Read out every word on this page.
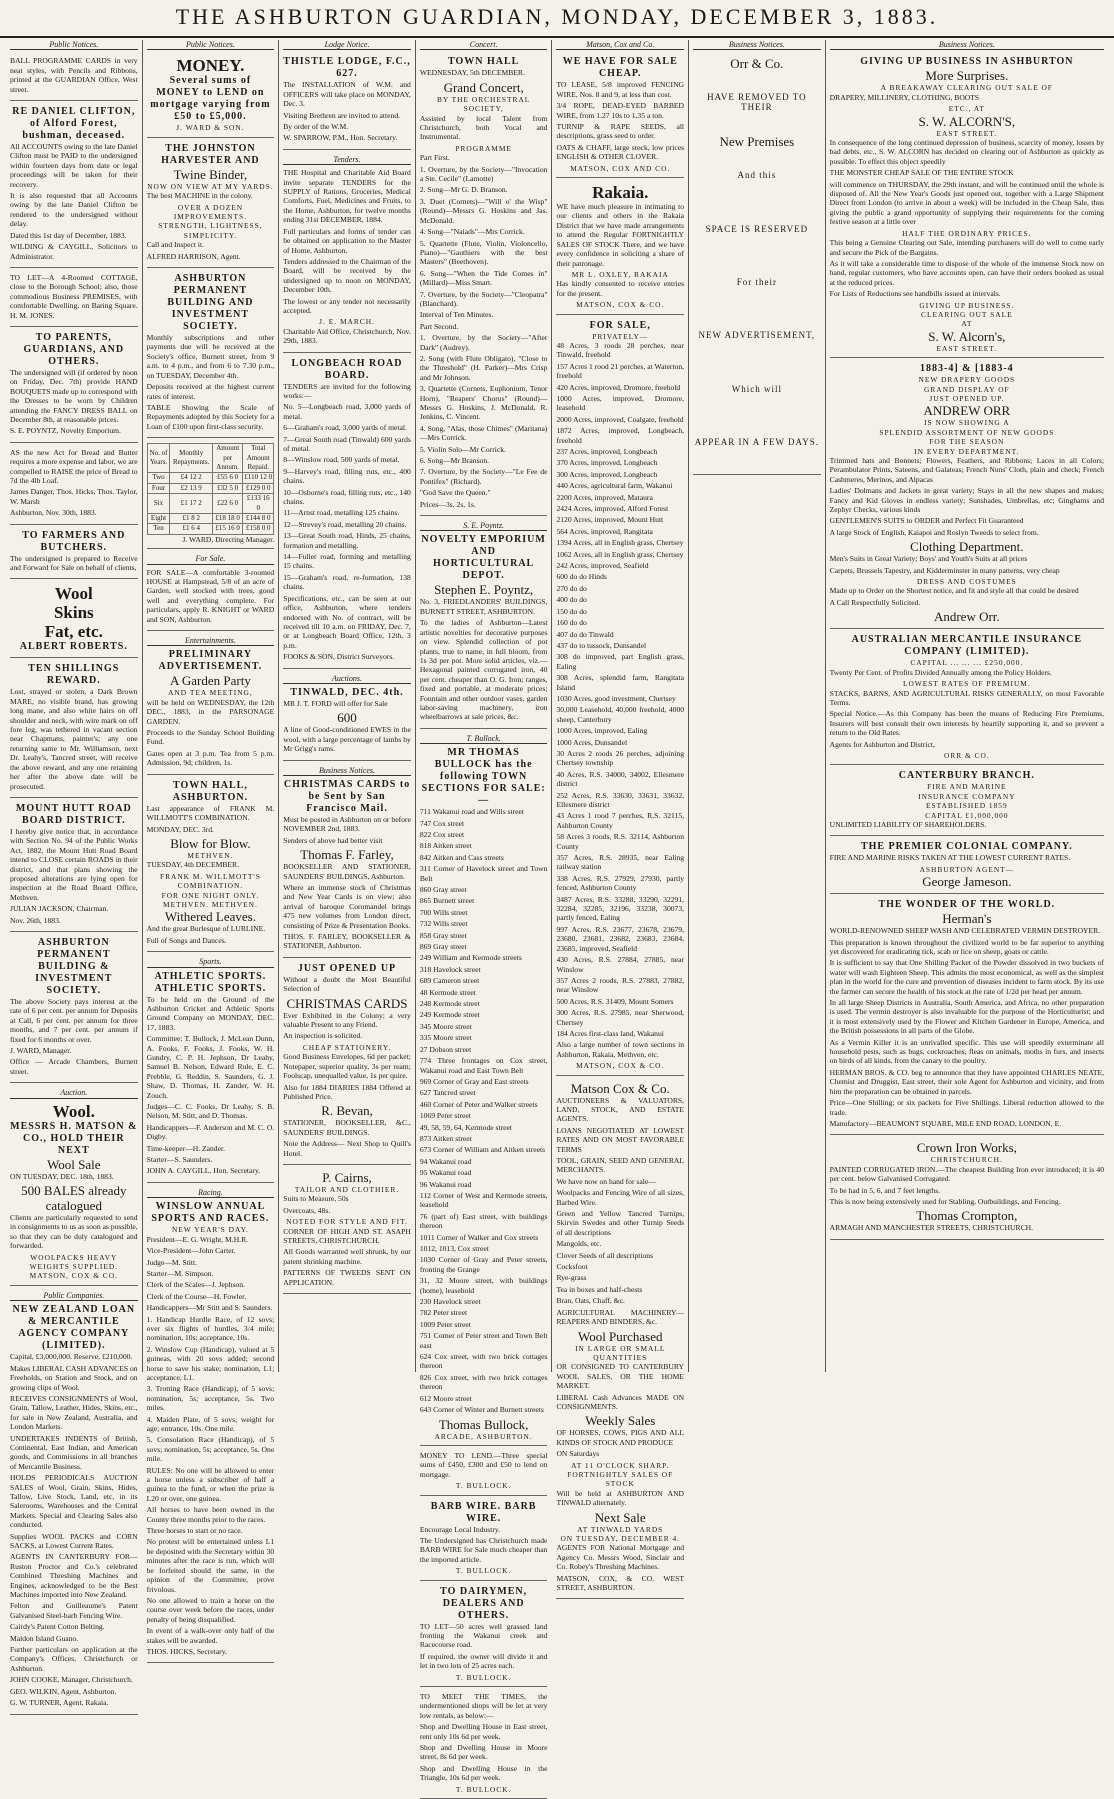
THE ASHBURTON GUARDIAN, MONDAY, DECEMBER 3, 1883.
Public Notices.

BALL PROGRAMME CARDS in very neat styles, with Pencils and Ribbons, printed at the GUARDIAN Office, West street.

RE DANIEL CLIFTON, of Alford Forest, bushman, deceased.

All ACCOUNTS owing to the late Daniel Clifton must be PAID to the undersigned within fourteen days from date or legal proceedings will be taken for their recovery.

It is also requested that all Accounts owing by the late Daniel Clifton be rendered to the undersigned without delay.

Dated this 1st day of December, 1883.

WILDING & CAYGILL, Solicitors to Administrator.

TO LET—A 4-Roomed COTTAGE, close to the Borough School; also, those commodious Business PREMISES, with comfortable Dwelling, on Baring Square. H. M. JONES.

TO PARENTS, GUARDIANS, AND OTHERS.

The undersigned will (if ordered by noon on Friday, Dec. 7th) provide HAND BOUQUETS made up to correspond with the Dresses to be worn by Children attending the FANCY DRESS BALL on December 8th, at reasonable prices.

S. E. POYNTZ, Novelty Emporium.

AS the new Act for Bread and Butter requires a more expense and labor, we are compelled to RAISE the price of Bread to 7d the 4lb Loaf.

James Danger, Thos. Hicks, Thos. Taylor, W. Marsh

Ashburton, Nov. 30th, 1883.

TO FARMERS AND BUTCHERS.

The undersigned is prepared to Receive and Forward for Sale on behalf of clients,

Wool
Skins
Fat, etc.
ALBERT ROBERTS.
TEN SHILLINGS REWARD.

Lost, strayed or stolen, a Dark Brown MARE, no visible brand, has growing long mane, and also white hairs on off shoulder and neck, with wire mark on off fore leg, was tethered in vacant section near Chapmans, painter's; any one returning same to Mr. Williamson, next Dr. Leahy's, Tancred street, will receive the above reward, and any one retaining her after the above date will be prosecuted.

MOUNT HUTT ROAD BOARD DISTRICT.

I hereby give notice that, in accordance with Section No. 94 of the Public Works Act, 1882, the Mount Hutt Road Board intend to CLOSE certain ROADS in their district, and that plans showing the proposed alterations are lying open for inspection at the Road Board Office, Methven.

JULIAN JACKSON, Chairman.

Nov. 26th, 1883.

ASHBURTON PERMANENT BUILDING & INVESTMENT SOCIETY.

The above Society pays interest at the rate of 6 per cent. per annum for Deposits at Call, 6 per cent. per annum for three months, and 7 per cent. per annum if fixed for 6 months or over.

J. WARD, Manager.

Office — Arcade Chambers, Burnett street.

Auction.
Wool.
MESSRS H. MATSON & CO., HOLD THEIR NEXT
Wool Sale

ON TUESDAY, DEC. 18th, 1883.

500 BALES already catalogued

Clients are particularly requested to send in consignments to us as soon as possible, so that they can be duly catalogued and forwarded.

WOOLPACKS HEAVY WEIGHTS SUPPLIED.
MATSON, COX & CO.
Public Companies.
NEW ZEALAND LOAN & MERCANTILE AGENCY COMPANY (LIMITED).

Capital, £3,000,000. Reserve, £210,000.

Makes LIBERAL CASH ADVANCES on Freeholds, on Station and Stock, and on growing clips of Wool.

RECEIVES CONSIGNMENTS of Wool, Grain, Tallow, Leather, Hides, Skins, etc., for sale in New Zealand, Australia, and London Markets.

UNDERTAKES INDENTS of British, Continental, East Indian, and American goods, and Commissions in all branches of Mercantile Business.

HOLDS PERIODICALS AUCTION SALES of Wool, Grain, Skins, Hides, Tallow, Live Stock, Land, etc, in its Salerooms, Warehouses and the Central Markets. Special and Clearing Sales also conducted.

Supplies WOOL PACKS and CORN SACKS, at Lowest Current Rates.

AGENTS IN CANTERBURY FOR— Ruston Proctor and Co.'s celebrated Combined Threshing Machines and Engines, acknowledged to be the Best Machines imported into New Zealand.

Felton and Guilleaume's Patent Galvanised Steel-barb Fencing Wire.

Cairdy's Patent Cotton Belting.

Maldon Island Guano.

Further particulars on application at the Company's Offices, Christchurch or Ashburton.

JOHN COOKE, Manager, Christchurch.

GEO. WILKIN, Agent, Ashburton.

G. W. TURNER, Agent, Rakaia.

Public Notices.
MONEY.
Several sums of MONEY to LEND on mortgage varying from £50 to £5,000.
J. WARD & SON.
THE JOHNSTON HARVESTER AND
Twine Binder,
NOW ON VIEW AT MY YARDS.

The best MACHINE in the colony.

OVER A DOZEN IMPROVEMENTS.
STRENGTH, LIGHTNESS, SIMPLICITY.

Call and Inspect it.

ALFRED HARRISON, Agent.

ASHBURTON PERMANENT BUILDING AND INVESTMENT SOCIETY.

Monthly subscriptions and other payments due will be received at the Society's office, Burnett street, from 9 a.m. to 4 p.m., and from 6 to 7.30 p.m., on TUESDAY, December 4th.

Deposits received at the highest current rates of interest.

TABLE Showing the Scale of Repayments adopted by this Society for a Loan of £100 upon first-class security.

No. of Years.	Monthly Repayments.	Amount per Annum.	Total Amount Repaid.
Two	£4 12 2	£55 6 0	£110 12 0
Four	£2 13 9	£32 5 0	£129 0 0
Six	£1 17 2	£22 6 0	£133 16 0
Eight	£1 8 2	£18 18 0	£144 8 0
Ten	£1 6 4	£15 16 0	£158 0 0
J. WARD, Directing Manager.
For Sale.

FOR SALE—A comfortable 3-roomed HOUSE at Hampstead, 5/8 of an acre of Garden, well stocked with trees, good well and everything complete. For particulars, apply R. KNIGHT or WARD and SON, Ashburton.

Entertainments.
PRELIMINARY ADVERTISEMENT.
A Garden Party
AND TEA MEETING,

will be held on WEDNESDAY, the 12th DEC., 1883, in the PARSONAGE GARDEN.

Proceeds to the Sunday School Building Fund.

Gates open at 3 p.m. Tea from 5 p.m. Admission, 9d; children, 1s.

TOWN HALL, ASHBURTON.

Last appearance of FRANK M. WILLMOTT'S COMBINATION.

MONDAY, DEC. 3rd.

Blow for Blow.
METHVEN.

TUESDAY, 4th DECEMBER.

FRANK M. WILLMOTT'S COMBINATION.
FOR ONE NIGHT ONLY.
METHVEN. METHVEN.
Withered Leaves.

And the great Burlesque of LURLINE.

Full of Songs and Dances.

Sports.
ATHLETIC SPORTS. ATHLETIC SPORTS.

To be held on the Ground of the Ashburton Cricket and Athletic Sports Ground Company on MONDAY, DEC. 17, 1883.

Committee: T. Bullock, J. McLean Dunn, A. Fooks, F. Fooks, J. Fooks, W. H. Gundry, C. P. H. Jephson, Dr Leahy, Samuel B. Nelson, Edward Rule, E. C. Prebble, G. Reddin, S. Saunders, G. J. Shaw, D. Thomas, H. Zander, W. H. Zouch.

Judges—C. C. Fooks, Dr Leahy, S. B. Nelson, M. Stitt, and D. Thomas.

Handicappers—F. Anderson and M. C. O. Digby.

Time-keeper—H. Zander.

Starter—S. Saunders.

JOHN A. CAYGILL, Hon. Secretary.

Racing.
WINSLOW ANNUAL SPORTS AND RACES.
NEW YEAR'S DAY.

President—E. G. Wright, M.H.R.

Vice-President—John Carter.

Judge—M. Stitt.

Starter—M. Simpson.

Clerk of the Scales—J. Jephson.

Clerk of the Course—H. Fowler.

Handicappers—Mr Stitt and S. Saunders.

1. Handicap Hurdle Race, of 12 sovs; over six flights of hurdles, 3/4 mile; nomination, 10s; acceptance, 10s.

2. Winslow Cup (Handicap), valued at 5 guineas, with 20 sovs added; second horse to save his stake; nomination, L1; acceptance, L1.

3. Trotting Race (Handicap), of 5 sovs; nomination, 5s; acceptance, 5s. Two miles.

4. Maiden Plate, of 5 sovs; weight for age; entrance, 10s. One mile.

5. Consolation Race (Handicap), of 5 sovs; nomination, 5s; acceptance, 5s. One mile.

RULES: No one will be allowed to enter a horse unless a subscriber of half a guinea to the fund, or when the prize is L20 or over, one guinea.

All horses to have been owned in the County three months prior to the races.

Three horses to start or no race.

No protest will be entertained unless L1 be deposited with the Secretary within 30 minutes after the race is run, which will be forfeited should the same, in the opinion of the Committee, prove frivolous.

No one allowed to train a horse on the course over week before the races, under penalty of being disqualified.

In event of a walk-over only half of the stakes will be awarded.

THOS. HICKS, Secretary.

Lodge Notice.
THISTLE LODGE, F.C., 627.

The INSTALLATION of W.M. and OFFICERS will take place on MONDAY, Dec. 3.

Visiting Brethren are invited to attend.

By order of the W.M.

W. SPARROW, P.M., Hon. Secretary.

Tenders.

THE Hospital and Charitable Aid Board invite separate TENDERS for the SUPPLY of Rations, Groceries, Medical Comforts, Fuel, Medicines and Fruits, to the Home, Ashburton, for twelve months ending 31st DECEMBER, 1884.

Full particulars and forms of tender can be obtained on application to the Master of Home, Ashburton.

Tenders addressed to the Chairman of the Board, will be received by the undersigned up to noon on MONDAY, December 10th.

The lowest or any tender not necessarily accepted.

J. E. MARCH.

Charitable Aid Office, Christchurch, Nov. 29th, 1883.

LONGBEACH ROAD BOARD.

TENDERS are invited for the following works:—

No. 5—Longbeach road, 3,000 yards of metal.

6—Graham's road, 3,000 yards of metal.

7—Great South road (Tinwald) 600 yards of metal.

8—Winslow road, 500 yards of metal.

9—Harvey's road, filling ruts, etc., 400 chains.

10—Osborne's road, filling ruts, etc., 140 chains.

11—Arnst road, metalling 125 chains.

12—Strevey's road, metalling 20 chains.

13—Great South road, Hinds, 25 chains, formation and metalling.

14—Fuller road, forming and metalling 15 chains.

15—Graham's road, re-formation, 138 chains.

Specifications, etc., can be seen at our office, Ashburton, where tenders endorsed with No. of contract, will be received till 10 a.m. on FRIDAY, Dec. 7, or at Longbeach Board Office, 12th, 3 p.m.

FOOKS & SON, District Surveyors.

Auctions.
TINWALD, DEC. 4th.

MR J. T. FORD will offer for Sale

600

A line of Good-conditioned EWES in the wool, with a large percentage of lambs by Mr Grigg's rams.

Business Notices.
CHRISTMAS CARDS to be Sent by San Francisco Mail.

Must be posted in Ashburton on or before NOVEMBER 2nd, 1883.

Senders of above had better visit

Thomas F. Farley,

BOOKSELLER AND STATIONER, SAUNDERS' BUILDINGS, Ashburton.

Where an immense stock of Christmas and New Year Cards is on view; also arrival of baroque Coromandel brings 475 new volumes from London direct, consisting of Prize & Presentation Books.

THOS. F. FARLEY, BOOKSELLER & STATIONER, Ashburton.

JUST OPENED UP

Without a doubt the Most Beautiful Selection of

CHRISTMAS CARDS

Ever Exhibited in the Colony; a very valuable Present to any Friend.

An inspection is solicited.

CHEAP STATIONERY.

Good Business Envelopes, 6d per packet; Notepaper, superior quality, 3s per ream; Foolscap, unequalled value, 1s per quire.

Also for 1884 DIARIES 1884 Offered at Published Price.

R. Bevan,

STATIONER, BOOKSELLER, &C., SAUNDERS' BUILDINGS.

Note the Address— Next Shop to Quill's Hotel.

P. Cairns,
TAILOR AND CLOTHIER.

Suits to Measure, 50s

Overcoats, 48s.

NOTED FOR STYLE AND FIT.

CORNER OF HIGH AND ST. ASAPH STREETS, CHRISTCHURCH.

All Goods warranted well shrunk, by our patent shrinking machine.

PATTERNS OF TWEEDS SENT ON APPLICATION.

Concert.
TOWN HALL

WEDNESDAY, 5th DECEMBER.

Grand Concert,
BY THE ORCHESTRAL SOCIETY,

Assisted by local Talent from Christchurch, both Vocal and Instrumental.

PROGRAMME

Part First.

1. Overture, by the Society—"Invocation a Ste. Cecile" (Lamotte)

2. Song—Mr G. D. Branson.

3. Duet (Cornets)—"Will o' the Wisp" (Round)—Messrs G. Hoskins and Jas. McDonald.

4. Song—"Naiads"—Mrs Corrick.

5. Quartette (Flute, Violin, Violoncello, Piano)—"Gauthiers with the best Masters" (Beethoven).

6. Song—"When the Tide Comes in" (Millard)—Miss Smart.

7. Overture, by the Society—"Cleopatra" (Blanchard).

Interval of Ten Minutes.

Part Second.

1. Overture, by the Society—"After Dark" (Audrey).

2. Song (with Flute Obligato), "Close to the Threshold" (H. Parker)—Mrs Crisp and Mr Johnson.

3. Quartette (Cornets, Euphonium, Tenor Horn), "Reapers' Chorus" (Round)—Messrs G. Hoskins, J. McDonald, R. Jenkins, C. Vincent.

4. Song, "Alas, those Chimes" (Maritana)—Mrs Corrick.

5. Violin Solo—Mr Corrick.

6. Song—Mr Branson.

7. Overture, by the Society—"Le Fee de Pontifex" (Richard).

"God Save the Queen."

Prices—3s, 2s, 1s.

S. E. Poyntz.
NOVELTY EMPORIUM AND HORTICULTURAL DEPOT.
Stephen E. Poyntz,

No. 3, FRIEDLANDERS' BUILDINGS, BURNETT STREET, ASHBURTON.

To the ladies of Ashburton—Latest artistic novelties for decorative purposes on view. Splendid collection of pot plants, true to name, in full bloom, from 1s 3d per pot. More solid articles, viz.—Hexagonal painted corrugated iron, 40 per cent. cheaper than O. G. Iron; ranges, fixed and portable, at moderate prices; Fountain and other outdoor vases, garden labor-saving machinery, iron wheelbarrows at sale prices, &c.

T. Bullock.
MR THOMAS BULLOCK has the following TOWN SECTIONS FOR SALE:—

711 Wakanui road and Wills street

747 Cox street

822 Cox street

818 Aitken street

842 Aitken and Cass streets

311 Corner of Havelock street and Town Belt

860 Gray street

865 Burnett street

700 Wills street

732 Wills street

858 Gray street

869 Gray street

249 William and Kermode streets

318 Havelock street

689 Cameron street

48 Kermode street

248 Kermode street

249 Kermode street

345 Moore street

335 Moore street

27 Dobson street

774 Three frontages on Cox street, Wakanui road and East Town Belt

969 Corner of Gray and East streets

627 Tancred street

460 Corner of Peter and Walker streets

1069 Peter street

49, 58, 59, 64, Kermode street

873 Aitken street

673 Corner of William and Aitken streets

94 Wakanui road

95 Wakanui road

96 Wakanui road

112 Corner of West and Kermode streets, leasehold

76 (part of) East street, with buildings thereon

1011 Corner of Walker and Cox streets

1012, 1013, Cox street

1030 Corner of Gray and Peter streets, fronting the Grange

31, 32 Moore street, with buildings (home), leasehold

230 Havelock street

782 Peter street

1009 Peter street

751 Corner of Peter street and Town Belt east

624 Cox street, with two brick cottages thereon

826 Cox street, with two brick cottages thereon

612 Moore street

643 Corner of Winter and Burnett streets

Thomas Bullock,
ARCADE, ASHBURTON.

MONEY TO LEND.—Three special sums of £450, £300 and £50 to lend on mortgage.

T. BULLOCK.
BARB WIRE. BARB WIRE.

Encourage Local Industry.

The Undersigned has Christchurch made BARB WIRE for Sale much cheaper than the imported article.

T. BULLOCK.
TO DAIRYMEN, DEALERS AND OTHERS.

TO LET—50 acres well grassed land fronting the Wakanui creek and Racecourse road.

If required, the owner will divide it and let in two lots of 25 acres each.

T. BULLOCK.

TO MEET THE TIMES, the undermentioned shops will be let at very low rentals, as below:—

Shop and Dwelling House in East street, rent only 10s 6d per week.

Shop and Dwelling House in Moore street, 8s 6d per week.

Shop and Dwelling House in the Triangle, 10s 6d per week.

T. BULLOCK.
Matson, Cox and Co.
WE HAVE FOR SALE CHEAP.

TO LEASE, 5/8 improved FENCING WIRE, Nos. 8 and 9, at less than cost.

3/4 ROPE, DEAD-EYED BARBED WIRE, from 1.27 10s to 1.35 a ton.

TURNIP & RAPE SEEDS, all descriptions, grass seed to order.

OATS & CHAFF, large stock, low prices ENGLISH & OTHER CLOVER.

MATSON, COX AND CO.
Rakaia.

WE have much pleasure in intimating to our clients and others in the Rakaia District that we have made arrangements to attend the Regular FORTNIGHTLY SALES OF STOCK There, and we have every confidence in soliciting a share of their patronage.

MR L. OXLEY, RAKAIA

Has kindly consented to receive entries for the present.

MATSON, COX & CO.
FOR SALE,
PRIVATELY—

48 Acres, 3 roods 28 perches, near Tinwald, freehold

157 Acres 1 rood 21 perches, at Waterton, freehold

420 Acres, improved, Dromore, freehold

1000 Acres, improved, Dromore, leasehold

2000 Acres, improved, Coalgate, freehold

1872 Acres, improved, Longbeach, freehold

237 Acres, improved, Longbeach

370 Acres, improved, Longbeach

300 Acres, improved, Longbeach

440 Acres, agricultural farm, Wakanui

2200 Acres, improved, Mataura

2424 Acres, improved, Alford Forest

2120 Acres, improved, Mount Hutt

564 Acres, improved, Rangitata

1394 Acres, all in English grass, Chertsey

1062 Acres, all in English grass, Chertsey

242 Acres, improved, Seafield

600 do do Hinds

270 do do

400 do do

150 do do

160 do do

407 do do Tinwald

437 do to tussock, Dunsandel

308 do improved, part English grass, Ealing

308 Acres, splendid farm, Rangitata Island

1030 Acres, good investment, Chertsey

30,000 Leasehold, 40,000 freehold, 4000 sheep, Canterbury

1000 Acres, improved, Ealing

1000 Acres, Dunsandel

30 Acres 2 roods 26 perches, adjoining Chertsey township

40 Acres, R.S. 34000, 34002, Ellesmere district

252 Acres, R.S. 33630, 33631, 33632, Ellesmere district

43 Acres 1 rood 7 perches, R.S. 32115, Ashburton County

58 Acres 3 roods, R.S. 32114, Ashburton County

357 Acres, R.S. 28935, near Ealing railway station

338 Acres, R.S. 27929, 27930, partly fenced, Ashburton County

3487 Acres, R.S. 33288, 33290, 32291, 32284, 32285, 32196, 33238, 30073, partly fenced, Ealing

997 Acres, R.S. 23677, 23678, 23679, 23680, 23681, 23682, 23683, 23684, 23685, improved, Seafield

430 Acres, R.S. 27884, 27885, near Winslow

357 Acres 2 roods, R.S. 27883, 27882, near Winslow

500 Acres, R.S. 31409, Mount Somers

300 Acres, R.S. 27985, near Sherwood, Chertsey

184 Acres first-class land, Wakanui

Also a large number of town sections in Ashburton, Rakaia, Methven, etc.

MATSON, COX & CO.
Matson Cox & Co.

AUCTIONEERS & VALUATORS, LAND, STOCK, AND ESTATE AGENTS.

LOANS NEGOTIATED AT LOWEST RATES AND ON MOST FAVORABLE TERMS

TOOL, GRAIN, SEED AND GENERAL MERCHANTS.

We have now on hand for sale—

Woolpacks and Fencing Wire of all sizes, Barbed Wire.

Green and Yellow Tancred Turnips, Skirvin Swedes and other Turnip Seeds of all descriptions

Mangolds, etc.

Clover Seeds of all descriptions

Cocksfoot

Rye-grass

Tea in boxes and half-chests

Bran, Oats, Chaff, &c.

AGRICULTURAL MACHINERY— REAPERS AND BINDERS, &c.

Wool Purchased
IN LARGE OR SMALL QUANTITIES

OR CONSIGNED TO CANTERBURY WOOL SALES, OR THE HOME MARKET.

LIBERAL Cash Advances MADE ON CONSIGNMENTS.

Weekly Sales

OF HORSES, COWS, PIGS AND ALL KINDS OF STOCK AND PRODUCE

ON Saturdays

AT 11 O'CLOCK SHARP.
FORTNIGHTLY SALES OF STOCK

Will be held at ASHBURTON AND TINWALD alternately.

Next Sale
AT TINWALD YARDS
ON TUESDAY, DECEMBER 4.

AGENTS FOR National Mortgage and Agency Co. Messrs Wood, Sinclair and Co. Robey's Threshing Machines.

MATSON, COX, & CO. WEST STREET, ASHBURTON.

Business Notices.
Orr & Co.
HAVE REMOVED TO THEIR
New Premises
And this
SPACE IS RESERVED
For their
NEW ADVERTISEMENT,
Which will
APPEAR IN A FEW DAYS.
Business Notices.
GIVING UP BUSINESS IN ASHBURTON
More Surprises.
A BREAKAWAY CLEARING OUT SALE OF

DRAPERY, MILLINERY, CLOTHING, BOOTS

ETC., AT
S. W. ALCORN'S,
EAST STREET.

In consequence of the long continued depression of business, scarcity of money, losses by bad debts, etc., S. W. ALCORN has decided on clearing out of Ashburton as quickly as possible. To effect this object speedily

THE MONSTER CHEAP SALE OF THE ENTIRE STOCK

will commence on THURSDAY, the 29th instant, and will be continued until the whole is disposed of. All the New Year's Goods just opened out, together with a Large Shipment Direct from London (to arrive in about a week) will be included in the Cheap Sale, thus giving the public a grand opportunity of supplying their requirements for the coming festive season at a little over

HALF THE ORDINARY PRICES.

This being a Genuine Clearing out Sale, intending purchasers will do well to come early and secure the Pick of the Bargains.

As it will take a considerable time to dispose of the whole of the immense Stock now on hand, regular customers, who have accounts open, can have their orders booked as usual at the reduced prices.

For Lists of Reductions see handbills issued at intervals.

GIVING UP BUSINESS.
CLEARING OUT SALE
AT
S. W. Alcorn's,
EAST STREET.
1883-4] & [1883-4
NEW DRAPERY GOODS
GRAND DISPLAY OF
JUST OPENED UP.
ANDREW ORR
IS NOW SHOWING A
SPLENDID ASSORTMENT OF NEW GOODS
FOR THE SEASON
IN EVERY DEPARTMENT.

Trimmed hats and Bonnets; Flowers, Feathers, and Ribbons; Laces in all Colors; Perambulator Prints, Sateens, and Galateas; French Nuns' Cloth, plain and check; French Cashmeres, Merinos, and Alpacas

Ladies' Dolmans and Jackets in great variety; Stays in all the new shapes and makes; Fancy and Kid Gloves in endless variety; Sunshades, Umbrellas, etc; Ginghams and Zephyr Checks, various kinds

GENTLEMEN'S SUITS to ORDER and Perfect Fit Guaranteed

A large Stock of English, Kaiapoi and Roslyn Tweeds to select from.

Clothing Department.

Men's Suits in Great Variety; Boys' and Youth's Suits at all prices

Carpets, Brussels Tapestry, and Kidderminster in many patterns, very cheap

DRESS AND COSTUMES

Made up to Order on the Shortest notice, and fit and style all that could be desired

A Call Respectfully Solicited.

Andrew Orr.
AUSTRALIAN MERCANTILE INSURANCE COMPANY (LIMITED).
CAPITAL ... ... ... £250,000.

Twenty Per Cent. of Profits Divided Annually among the Policy Holders.

LOWEST RATES OF PREMIUM.

STACKS, BARNS, AND AGRICULTURAL RISKS GENERALLY, on most Favorable Terms.

Special Notice.—As this Company has been the means of Reducing Fire Premiums, Insurers will best consult their own interests by heartily supporting it, and so prevent a return to the Old Rates.

Agents for Ashburton and District,

ORR & CO.
CANTERBURY BRANCH.
FIRE AND MARINE
INSURANCE COMPANY
ESTABLISHED 1859
CAPITAL £1,000,000

UNLIMITED LIABILITY OF SHAREHOLDERS.

THE PREMIER COLONIAL COMPANY.

FIRE AND MARINE RISKS TAKEN AT THE LOWEST CURRENT RATES.

ASHBURTON AGENT—
George Jameson.
THE WONDER OF THE WORLD.
Herman's

WORLD-RENOWNED SHEEP WASH AND CELEBRATED VERMIN DESTROYER.

This preparation is known throughout the civilized world to be far superior to anything yet discovered for eradicating tick, scab or lice on sheep, goats or cattle.

It is sufficient to say that One Shilling Packet of the Powder dissolved in two buckets of water will wash Eighteen Sheep. This admits the most economical, as well as the simplest plan in the world for the cure and prevention of diseases incident to farm stock. By its use the farmer can secure the health of his stock at the rate of 1/2d per head per annum.

In all large Sheep Districts in Australia, South America, and Africa, no other preparation is used. The vermin destroyer is also invaluable for the purpose of the Horticulturist; and it is most extensively used by the Flower and Kitchen Gardener in Europe, America, and the British possessions in all parts of the Globe.

As a Vermin Killer it is an unrivalled specific. This use will speedily exterminate all household pests, such as bugs, cockroaches, fleas on animals, moths in furs, and insects on birds of all kinds, from the canary to the poultry.

HERMAN BROS. & CO. beg to announce that they have appointed CHARLES NEATE, Chemist and Druggist, East street, their sole Agent for Ashburton and vicinity, and from him the preparation can be obtained in parcels.

Price—One Shilling; or six packets for Five Shillings. Liberal reduction allowed to the trade.

Manufactory—BEAUMONT SQUARE, MILE END ROAD, LONDON, E.

Crown Iron Works,
CHRISTCHURCH.

PAINTED CORRUGATED IRON.—The cheapest Building Iron ever introduced; it is 40 per cent. below Galvanised Corrugated.

To be had in 5, 6, and 7 feet lengths.

This is now being extensively used for Stabling, Outbuildings, and Fencing.

Thomas Crompton,

ARMAGH AND MANCHESTER STREETS, CHRISTCHURCH.
